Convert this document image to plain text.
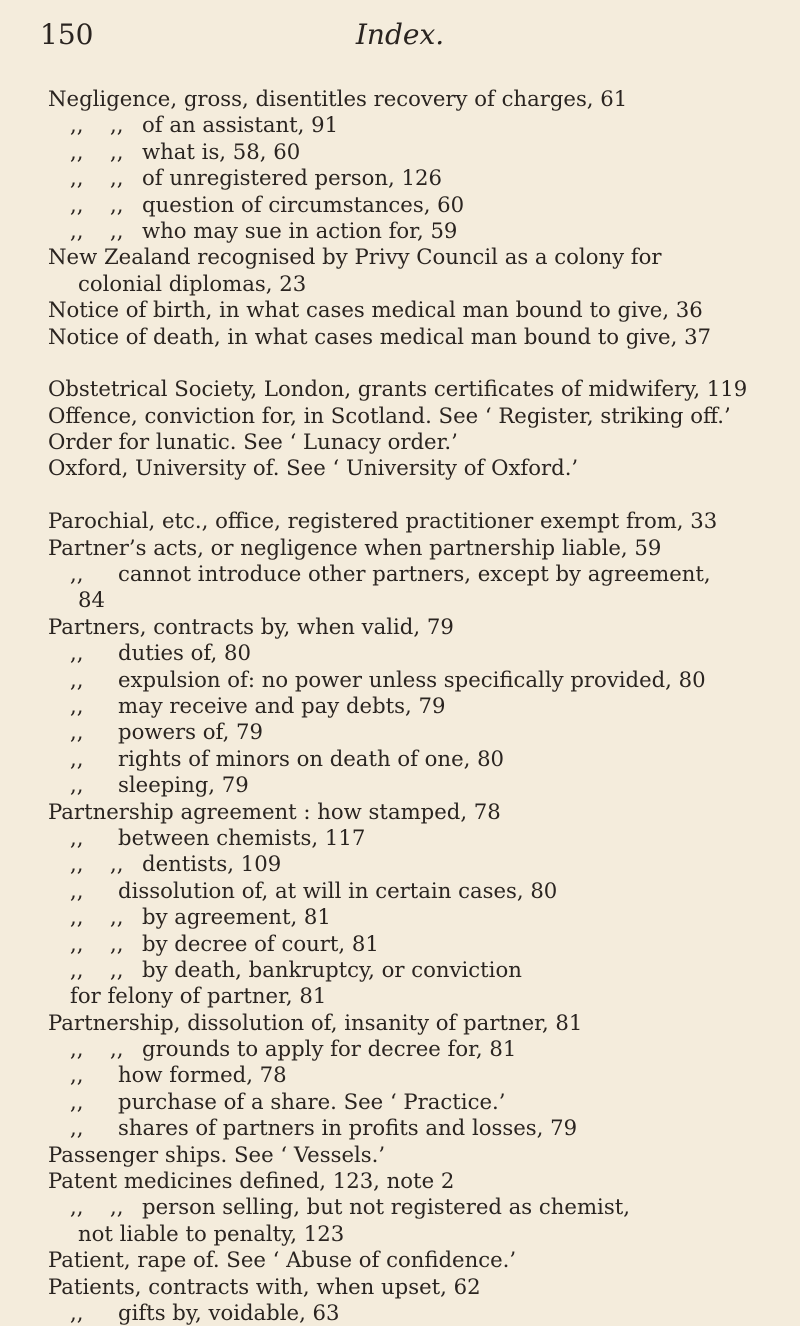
150	Index.
Negligence, gross, disentitles recovery of charges, 61
,, ,, of an assistant, 91
,, ,, what is, 58, 60
,, ,, of unregistered person, 126
,, ,, question of circumstances, 60
,, ,, who may sue in action for, 59
New Zealand recognised by Privy Council as a colony for
colonial diplomas, 23
Notice of birth, in what cases medical man bound to give, 36
Notice of death, in what cases medical man bound to give, 37
Obstetrical Society, London, grants certificates of midwifery, 119
Offence, conviction for, in Scotland. See ‘ Register, striking off.’
Order for lunatic. See ‘ Lunacy order.’
Oxford, University of. See ‘ University of Oxford.’
Parochial, etc., office, registered practitioner exempt from, 33
Partner’s acts, or negligence when partnership liable, 59
,, cannot introduce other partners, except by agreement,
84
Partners, contracts by, when valid, 79
,, duties of, 80
,, expulsion of: no power unless specifically provided, 80
,, may receive and pay debts, 79
,, powers of, 79
,, rights of minors on death of one, 80
,, sleeping, 79
Partnership agreement : how stamped, 78
,, between chemists, 117
,, ,, dentists, 109
,, dissolution of, at will in certain cases, 80
,, ,, by agreement, 81
,, ,, by decree of court, 81
,, ,, by death, bankruptcy, or conviction
for felony of partner, 81
Partnership, dissolution of, insanity of partner, 81
,, ,, grounds to apply for decree for, 81
,, how formed, 78
,, purchase of a share. See ‘ Practice.’
,, shares of partners in profits and losses, 79
Passenger ships. See ‘ Vessels.’
Patent medicines defined, 123, note 2
,, ,, person selling, but not registered as chemist,
not liable to penalty, 123
Patient, rape of. See ‘ Abuse of confidence.’
Patients, contracts with, when upset, 62
,, gifts by, voidable, 63
